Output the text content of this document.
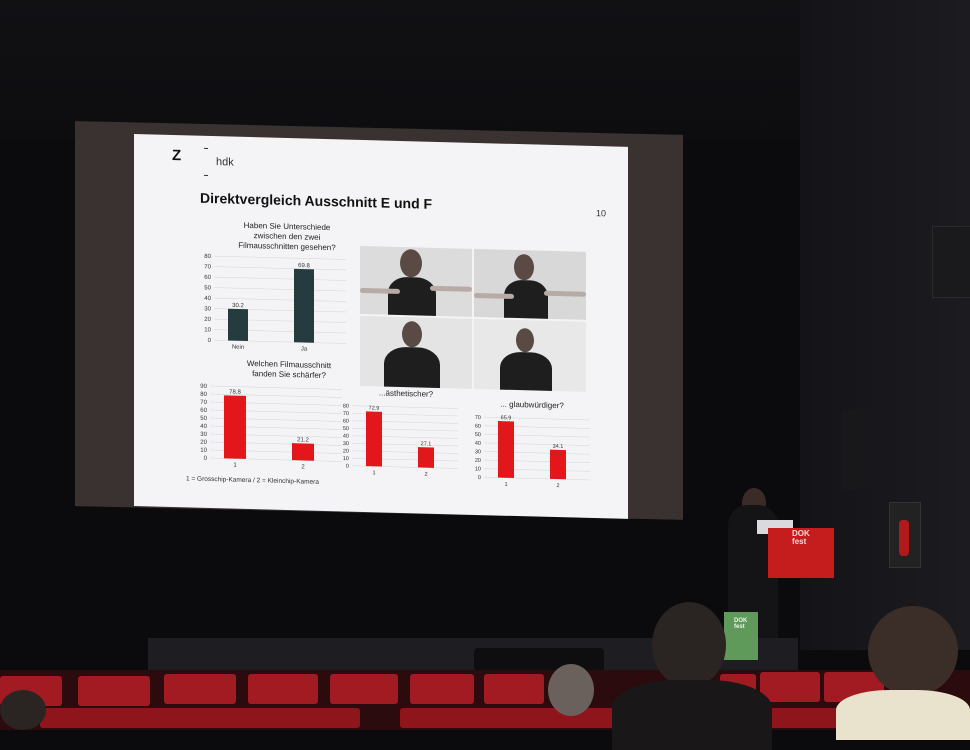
Z	hdk
Direktvergleich Ausschnitt E und F
10
Haben Sie Unterschiede
zwischen den zwei
Filmausschnitten gesehen?
Welchen Filmausschnitt
fanden Sie schärfer?
...ästhetischer?
... glaubwürdiger?
0
10
20
30
40
50
60
70
80
30.2
Nein
69.8
Ja
0
10
20
30
40
50
60
70
80
90
78.8
1
21.2
2	0
10
20
30
40
50
60
70
80	72.9
1
27.1
2
0
10
20
30
40
50
60
70	65.9
1
34.1
2
1 = Grosschip-Kamera / 2 = Kleinchip-Kamera
DOK
fest
DOK
fest
